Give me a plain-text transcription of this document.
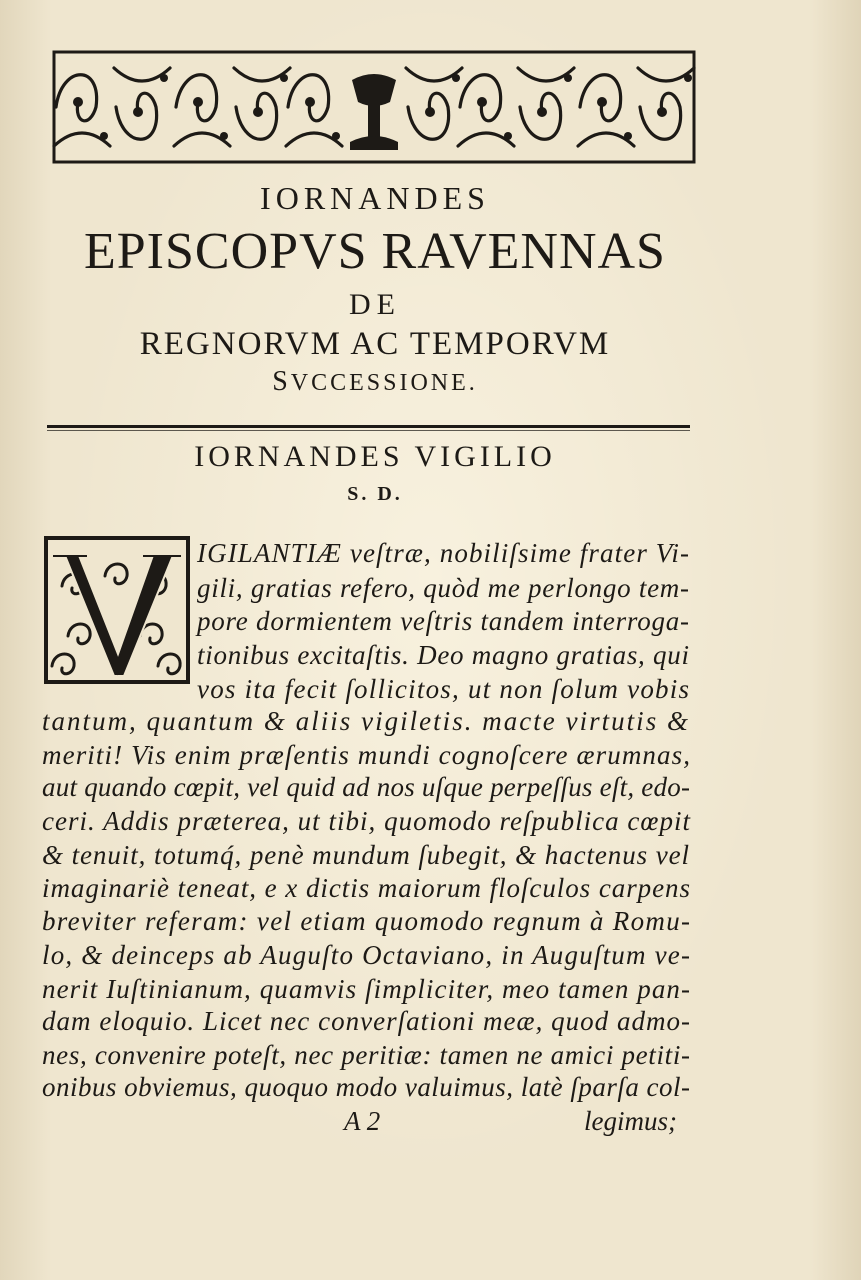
IORNANDES
EPISCOPVS RAVENNAS
DE
REGNORVM AC TEMPORVM
SVCCESSIONE.
IORNANDES VIGILIO
S. D.
V
IGILANTIÆ veſtræ, nobiliſsime frater Vi-
gili, gratias refero, quòd me perlongo tem-
pore dormientem veſtris tandem interroga-
tionibus excitaſtis. Deo magno gratias, qui
vos ita fecit ſollicitos, ut non ſolum vobis
tantum, quantum & aliis vigiletis. macte virtutis &
meriti! Vis enim præſentis mundi cognoſcere ærumnas,
aut quando cœpit, vel quid ad nos uſque perpeſſus eſt, edo-
ceri. Addis præterea, ut tibi, quomodo reſpublica cœpit
& tenuit, totumq́, penè mundum ſubegit, & hactenus vel
imaginariè teneat, e x dictis maiorum floſculos carpens
breviter referam: vel etiam quomodo regnum à Romu-
lo, & deinceps ab Auguſto Octaviano, in Auguſtum ve-
nerit Iuſtinianum, quamvis ſimpliciter, meo tamen pan-
dam eloquio. Licet nec converſationi meæ, quod admo-
nes, convenire poteſt, nec peritiæ: tamen ne amici petiti-
onibus obviemus, quoquo modo valuimus, latè ſparſa col-
A 2	legimus;
